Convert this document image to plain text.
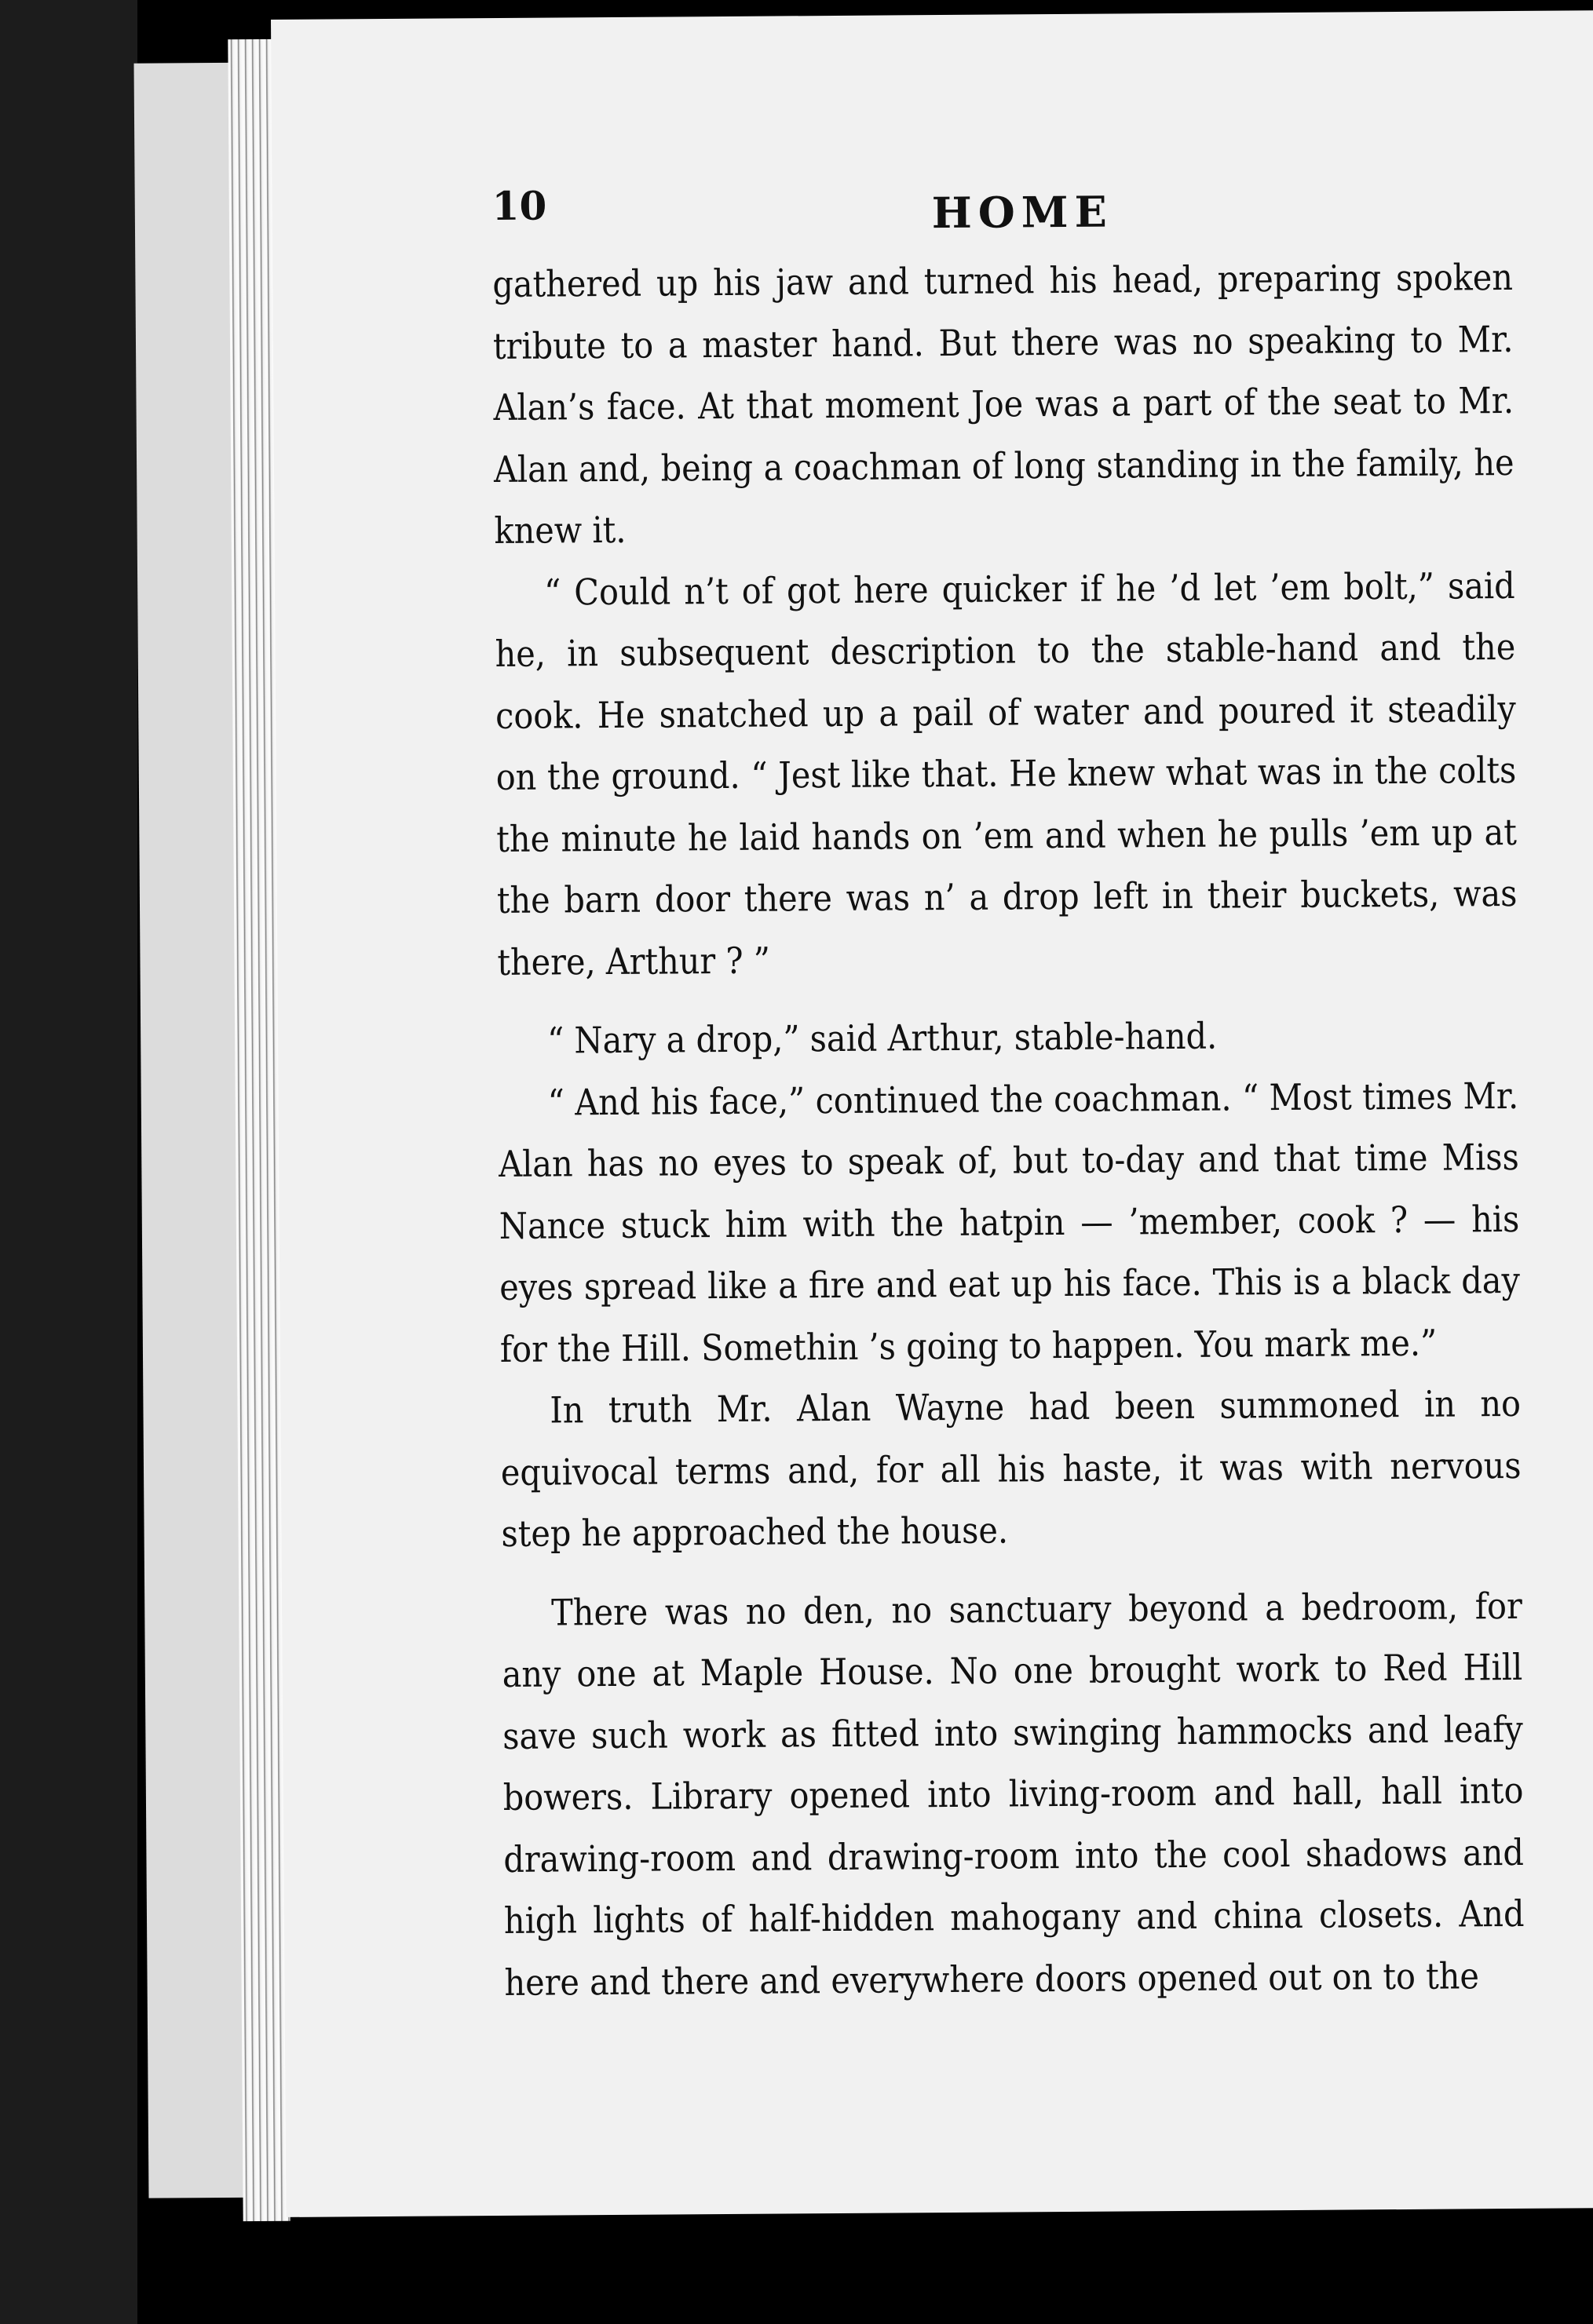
10	HOME

gathered up his jaw and turned his head, preparing spoken tribute to a master hand. But there was no speaking to Mr. Alan’s face. At that moment Joe was a part of the seat to Mr. Alan and, being a coachman of long standing in the family, he knew it.

“ Could n’t of got here quicker if he ’d let ’em bolt,” said he, in subsequent description to the stable-hand and the cook. He snatched up a pail of water and poured it steadily on the ground. “ Jest like that. He knew what was in the colts the minute he laid hands on ’em and when he pulls ’em up at the barn door there was n’ a drop left in their buckets, was there, Arthur ? ”

“ Nary a drop,” said Arthur, stable-hand.

“ And his face,” continued the coachman. “ Most times Mr. Alan has no eyes to speak of, but to-day and that time Miss Nance stuck him with the hatpin — ’member, cook ? — his eyes spread like a fire and eat up his face. This is a black day for the Hill. Somethin ’s going to happen. You mark me.”

In truth Mr. Alan Wayne had been summoned in no equivocal terms and, for all his haste, it was with nervous step he approached the house.

There was no den, no sanctuary beyond a bedroom, for any one at Maple House. No one brought work to Red Hill save such work as fitted into swinging hammocks and leafy bowers. Library opened into living-room and hall, hall into drawing-room and drawing-room into the cool shadows and high lights of half-hidden mahogany and china closets. And here and there and everywhere doors opened out on to the
